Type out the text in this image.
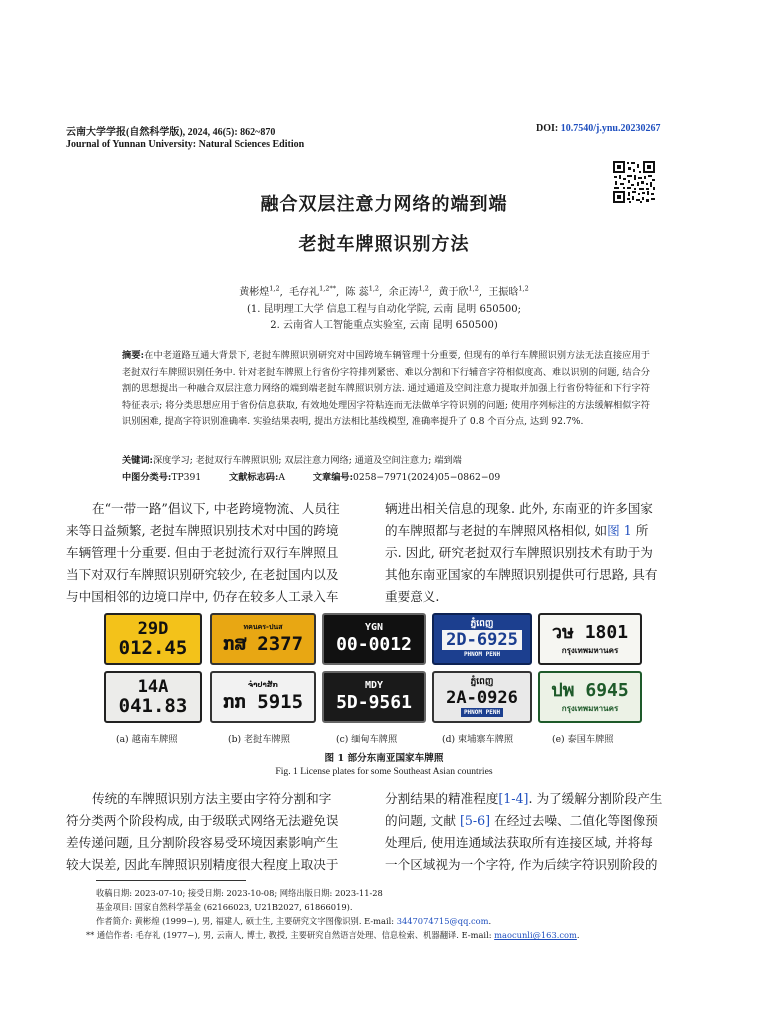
云南大学学报(自然科学版), 2024, 46(5): 862~870
Journal of Yunnan University: Natural Sciences Edition
DOI: 10.7540/j.ynu.20230267
融合双层注意力网络的端到端
老挝车牌照识别方法
黄彬煌$^{1,2}$,  毛存礼$^{1,2**}$,  陈 蕊$^{1,2}$,  余正涛$^{1,2}$,  黄于欣$^{1,2}$,  王振晗$^{1,2}$
(1. 昆明理工大学 信息工程与自动化学院, 云南 昆明 650500;
2. 云南省人工智能重点实验室, 云南 昆明 650500)
摘要:在中老道路互通大背景下, 老挝车牌照识别研究对中国跨境车辆管理十分重要, 但现有的单行车牌照识别方法无法直接应用于老挝双行车牌照识别任务中. 针对老挝车牌照上行省份字符排列紧密、难以分割和下行辅音字符相似度高、难以识别的问题, 结合分割的思想提出一种融合双层注意力网络的端到端老挝车牌照识别方法. 通过通道及空间注意力提取并加强上行省份特征和下行字符特征表示; 将分类思想应用于省份信息获取, 有效地处理因字符粘连而无法做单字符识别的问题; 使用序列标注的方法缓解相似字符识别困难, 提高字符识别准确率. 实验结果表明, 提出方法相比基线模型, 准确率提升了 0.8 个百分点, 达到 92.7%.
关键词:深度学习; 老挝双行车牌照识别; 双层注意力网络; 通道及空间注意力; 端到端
中图分类号:TP391	文献标志码:A	文章编号:0258−7971(2024)05−0862−09
在“一带一路”倡议下, 中老跨境物流、人员往
来等日益频繁, 老挝车牌照识别技术对中国的跨境
车辆管理十分重要. 但由于老挝流行双行车牌照且
当下对双行车牌照识别研究较少, 在老挝国内以及
与中国相邻的边境口岸中, 仍存在较多人工录入车
辆进出相关信息的现象. 此外, 东南亚的许多国家
的车牌照都与老挝的车牌照风格相似, 如图 1 所
示. 因此, 研究老挝双行车牌照识别技术有助于为
其他东南亚国家的车牌照识别提供可行思路, 具有
重要意义.
29D
012.45
ทคนคร-ปนส
ກສ 2377
YGN
00-0012
ភ្នំពេញ
2D-6925
PHNOM PENH
วษ 1801
กรุงเทพมหานคร
14A
041.83
ຈຳປາສັກ
ກກ 5915
MDY
5D-9561
ភ្នំពេញ
2A-0926
PHNOM PENH
ปพ 6945
กรุงเทพมหานคร
(a) 越南车牌照	(b) 老挝车牌照	(c) 缅甸车牌照	(d) 柬埔寨车牌照	(e) 泰国车牌照
图 1 部分东南亚国家车牌照
Fig. 1 License plates for some Southeast Asian countries
传统的车牌照识别方法主要由字符分割和字
符分类两个阶段构成, 由于级联式网络无法避免误
差传递问题, 且分割阶段容易受环境因素影响产生
较大误差, 因此车牌照识别精度很大程度上取决于
分割结果的精准程度[1-4]. 为了缓解分割阶段产生
的问题, 文献 [5-6] 在经过去噪、二值化等图像预
处理后, 使用连通域法获取所有连接区域, 并将每
一个区域视为一个字符, 作为后续字符识别阶段的
收稿日期: 2023-07-10; 接受日期: 2023-10-08; 网络出版日期: 2023-11-28
基金项目: 国家自然科学基金 (62166023, U21B2027, 61866019).
作者简介: 黄彬煌 (1999−), 男, 福建人, 硕士生, 主要研究文字图像识别. E-mail: 3447074715@qq.com.
** 通信作者: 毛存礼 (1977−), 男, 云南人, 博士, 教授, 主要研究自然语言处理、信息检索、机器翻译. E-mail: maocunli@163.com.
